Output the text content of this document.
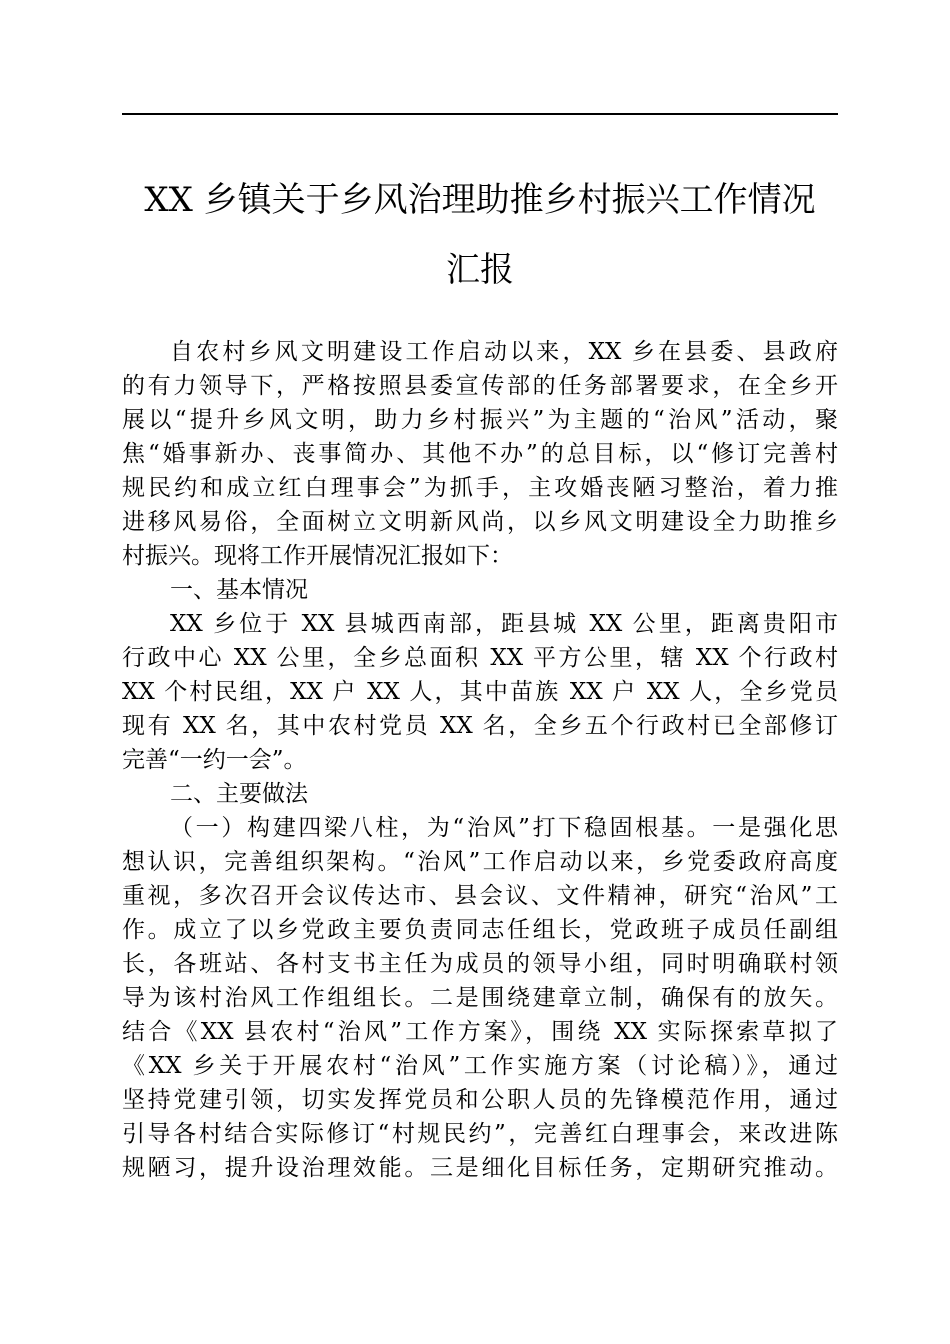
XX 乡镇关于乡风治理助推乡村振兴工作情况
汇报
自农村乡风文明建设工作启动以来，XX 乡在县委、县政府
的有力领导下，严格按照县委宣传部的任务部署要求，在全乡开
展以“提升乡风文明，助力乡村振兴”为主题的“治风”活动，聚
焦“婚事新办、丧事简办、其他不办”的总目标，以“修订完善村
规民约和成立红白理事会”为抓手，主攻婚丧陋习整治，着力推
进移风易俗，全面树立文明新风尚，以乡风文明建设全力助推乡
村振兴。现将工作开展情况汇报如下：
一、基本情况
XX 乡位于 XX 县城西南部，距县城 XX 公里，距离贵阳市
行政中心 XX 公里，全乡总面积 XX 平方公里，辖 XX 个行政村
XX 个村民组，XX 户 XX 人，其中苗族 XX 户 XX 人，全乡党员
现有 XX 名，其中农村党员 XX 名，全乡五个行政村已全部修订
完善“一约一会”。
二、主要做法
（一）构建四梁八柱，为“治风”打下稳固根基。一是强化思
想认识，完善组织架构。“治风”工作启动以来，乡党委政府高度
重视，多次召开会议传达市、县会议、文件精神，研究“治风”工
作。成立了以乡党政主要负责同志任组长，党政班子成员任副组
长，各班站、各村支书主任为成员的领导小组，同时明确联村领
导为该村治风工作组组长。二是围绕建章立制，确保有的放矢。
结合《XX 县农村“治风”工作方案》，围绕 XX 实际探索草拟了
《XX 乡关于开展农村“治风”工作实施方案（讨论稿）》，通过
坚持党建引领，切实发挥党员和公职人员的先锋模范作用，通过
引导各村结合实际修订“村规民约”，完善红白理事会，来改进陈
规陋习，提升设治理效能。三是细化目标任务，定期研究推动。
